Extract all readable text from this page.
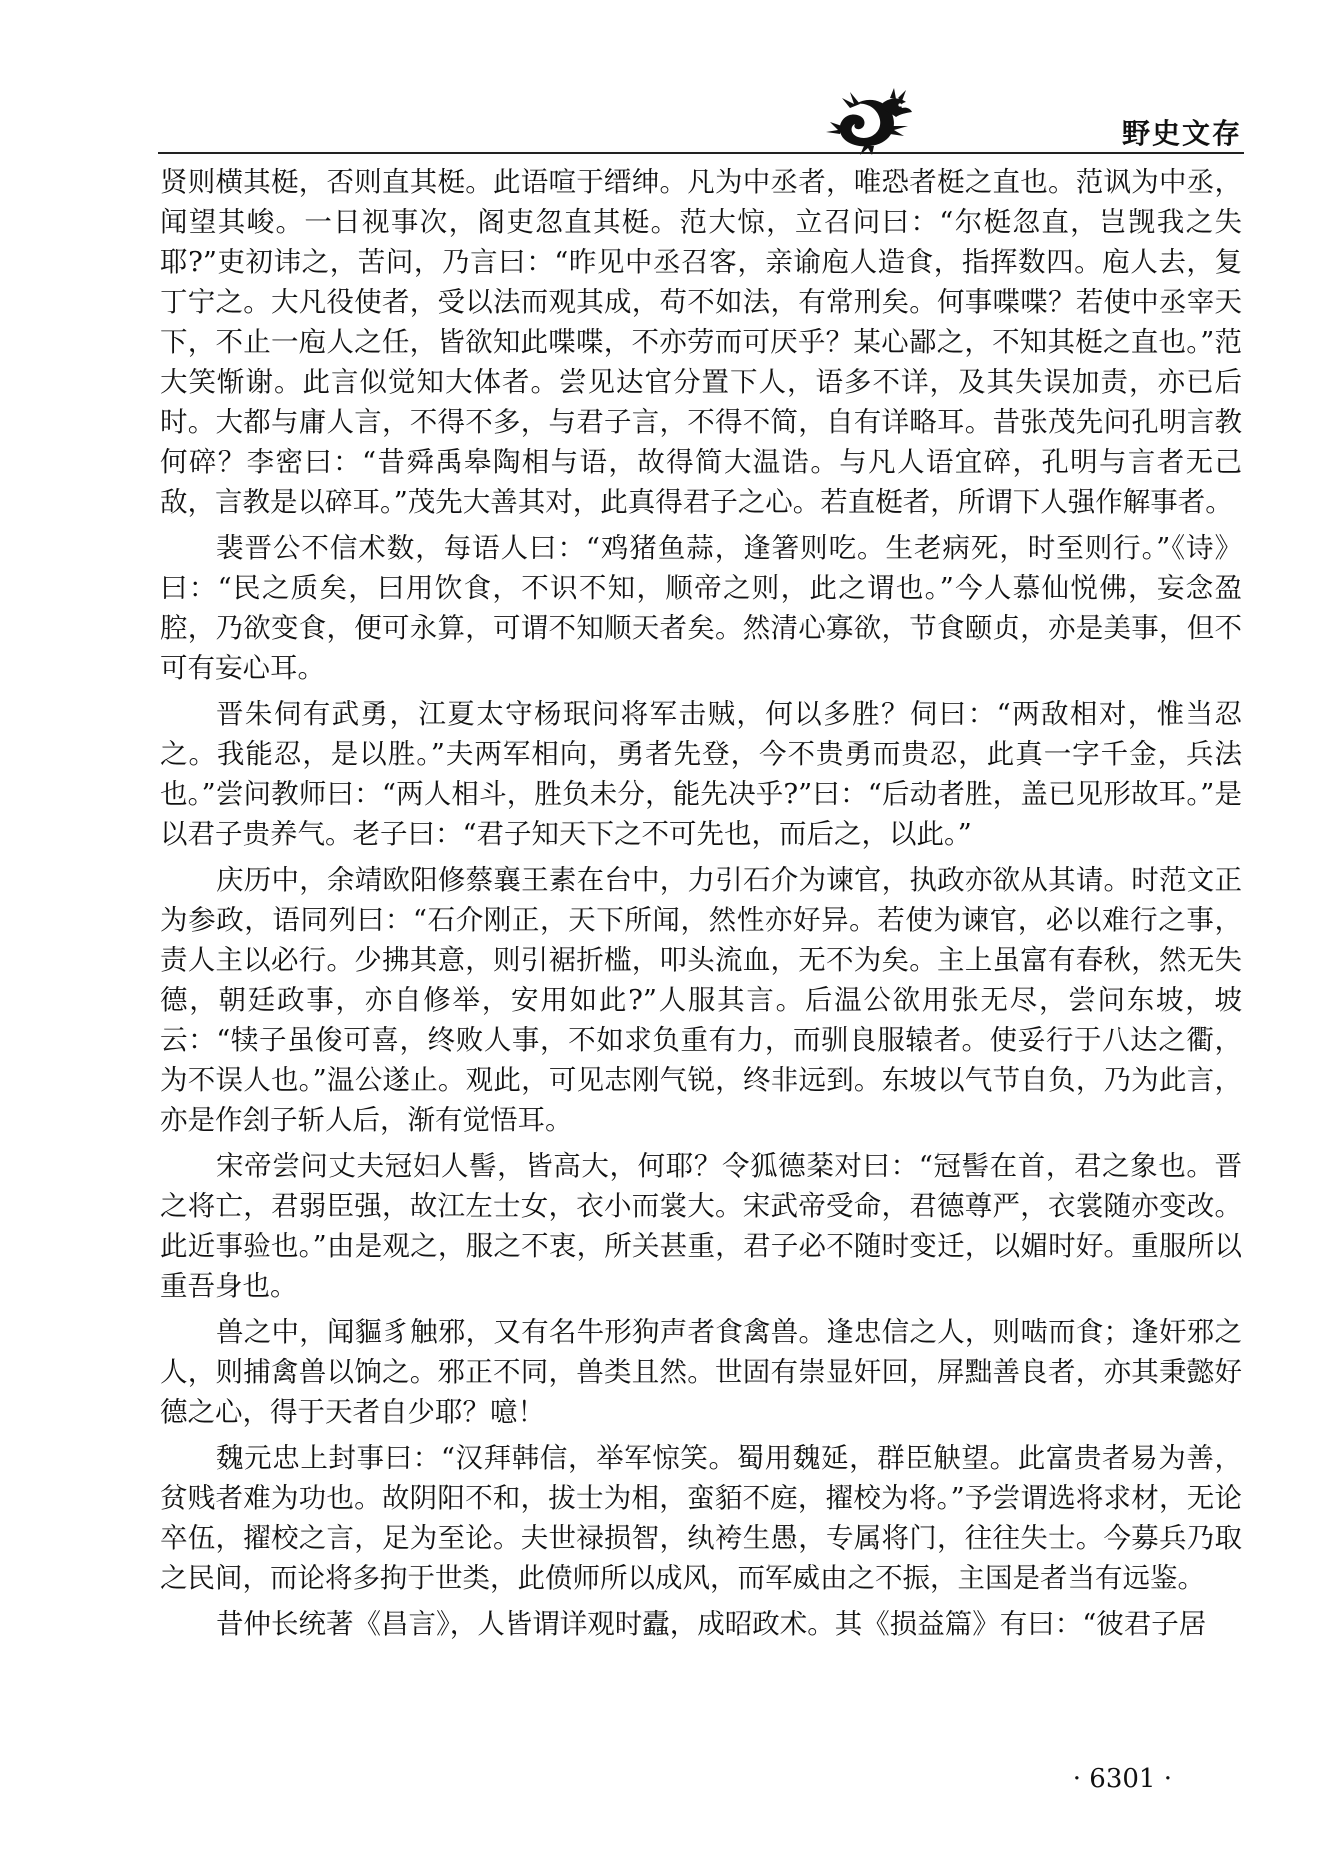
野史文存

贤则横其梃，否则直其梃。此语喧于缙绅。凡为中丞者，唯恐者梃之直也。范讽为中丞，闻望其峻。一日视事次，阁吏忽直其梃。范大惊，立召问曰：“尔梃忽直，岂觊我之失耶?”吏初讳之，苦问，乃言曰：“昨见中丞召客，亲谕庖人造食，指挥数四。庖人去，复丁宁之。大凡役使者，受以法而观其成，苟不如法，有常刑矣。何事喋喋？若使中丞宰天下，不止一庖人之任，皆欲知此喋喋，不亦劳而可厌乎？某心鄙之，不知其梃之直也。”范大笑惭谢。此言似觉知大体者。尝见达官分置下人，语多不详，及其失误加责，亦已后时。大都与庸人言，不得不多，与君子言，不得不简，自有详略耳。昔张茂先问孔明言教何碎？李密曰：“昔舜禹皋陶相与语，故得简大温诰。与凡人语宜碎，孔明与言者无己敌，言教是以碎耳。”茂先大善其对，此真得君子之心。若直梃者，所谓下人强作解事者。

裴晋公不信术数，每语人曰：“鸡猪鱼蒜，逢箸则吃。生老病死，时至则行。”《诗》曰：“民之质矣，曰用饮食，不识不知，顺帝之则，此之谓也。”今人慕仙悦佛，妄念盈腔，乃欲变食，便可永算，可谓不知顺天者矣。然清心寡欲，节食颐贞，亦是美事，但不可有妄心耳。

晋朱伺有武勇，江夏太守杨珉问将军击贼，何以多胜？伺曰：“两敌相对，惟当忍之。我能忍，是以胜。”夫两军相向，勇者先登，今不贵勇而贵忍，此真一字千金，兵法也。”尝问教师曰：“两人相斗，胜负未分，能先决乎?”曰：“后动者胜，盖已见形故耳。”是以君子贵养气。老子曰：“君子知天下之不可先也，而后之，以此。”

庆历中，余靖欧阳修蔡襄王素在台中，力引石介为谏官，执政亦欲从其请。时范文正为参政，语同列曰：“石介刚正，天下所闻，然性亦好异。若使为谏官，必以难行之事，责人主以必行。少拂其意，则引裾折槛，叩头流血，无不为矣。主上虽富有春秋，然无失德，朝廷政事，亦自修举，安用如此?”人服其言。后温公欲用张无尽，尝问东坡，坡云：“犊子虽俊可喜，终败人事，不如求负重有力，而驯良服辕者。使妥行于八达之衢，为不误人也。”温公遂止。观此，可见志刚气锐，终非远到。东坡以气节自负，乃为此言，亦是作刽子斩人后，渐有觉悟耳。

宋帝尝问丈夫冠妇人髻，皆高大，何耶？令狐德棻对曰：“冠髻在首，君之象也。晋之将亡，君弱臣强，故江左士女，衣小而裳大。宋武帝受命，君德尊严，衣裳随亦变改。此近事验也。”由是观之，服之不衷，所关甚重，君子必不随时变迁，以媚时好。重服所以重吾身也。

兽之中，闻貙豸触邪，又有名牛形狗声者食禽兽。逢忠信之人，则啮而食；逢奸邪之人，则捕禽兽以饷之。邪正不同，兽类且然。世固有崇显奸回，屏黜善良者，亦其秉懿好德之心，得于天者自少耶？噫！

魏元忠上封事曰：“汉拜韩信，举军惊笑。蜀用魏延，群臣觖望。此富贵者易为善，贫贱者难为功也。故阴阳不和，拔士为相，蛮貊不庭，擢校为将。”予尝谓选将求材，无论卒伍，擢校之言，足为至论。夫世禄损智，纨袴生愚，专属将门，往往失士。今募兵乃取之民间，而论将多拘于世类，此偾师所以成风，而军威由之不振，主国是者当有远鉴。

昔仲长统著《昌言》，人皆谓详观时蠹，成昭政术。其《损益篇》有曰：“彼君子居

· 6301 ·
